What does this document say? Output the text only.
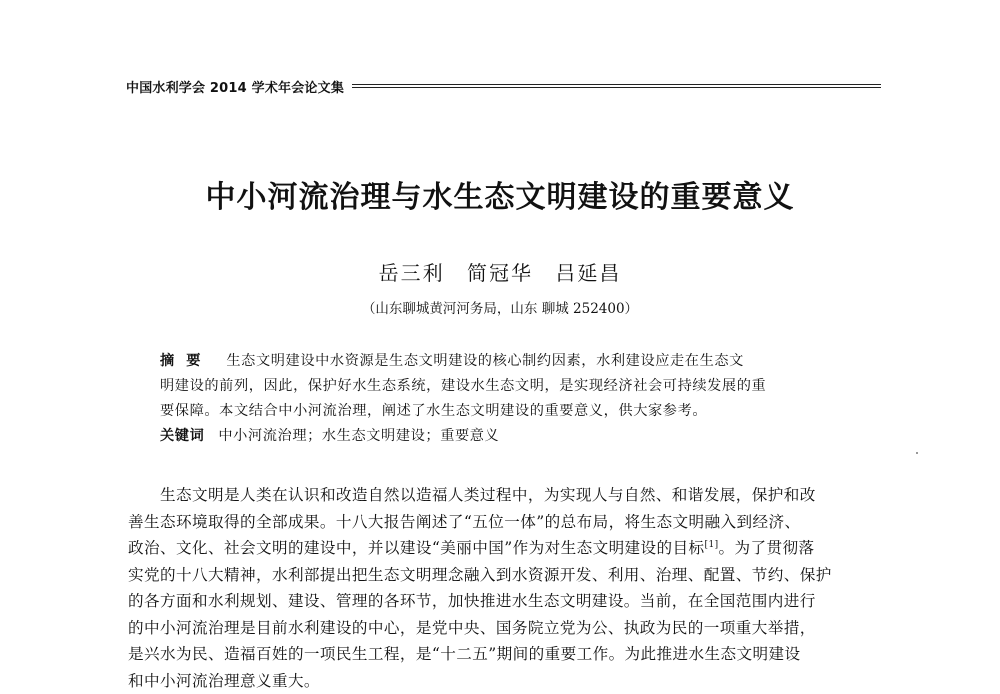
中国水利学会 2014 学术年会论文集
中小河流治理与水生态文明建设的重要意义
岳三利 简冠华 吕延昌
（山东聊城黄河河务局，山东 聊城 252400）
摘要 生态文明建设中水资源是生态文明建设的核心制约因素，水利建设应走在生态文
明建设的前列，因此，保护好水生态系统，建设水生态文明，是实现经济社会可持续发展的重
要保障。本文结合中小河流治理，阐述了水生态文明建设的重要意义，供大家参考。
关键词 中小河流治理；水生态文明建设；重要意义
生态文明是人类在认识和改造自然以造福人类过程中，为实现人与自然、和谐发展，保护和改
善生态环境取得的全部成果。十八大报告阐述了“五位一体”的总布局，将生态文明融入到经济、
政治、文化、社会文明的建设中，并以建设“美丽中国”作为对生态文明建设的目标[1]。为了贯彻落
实党的十八大精神，水利部提出把生态文明理念融入到水资源开发、利用、治理、配置、节约、保护
的各方面和水利规划、建设、管理的各环节，加快推进水生态文明建设。当前，在全国范围内进行
的中小河流治理是目前水利建设的中心，是党中央、国务院立党为公、执政为民的一项重大举措，
是兴水为民、造福百姓的一项民生工程，是“十二五”期间的重要工作。为此推进水生态文明建设
和中小河流治理意义重大。
